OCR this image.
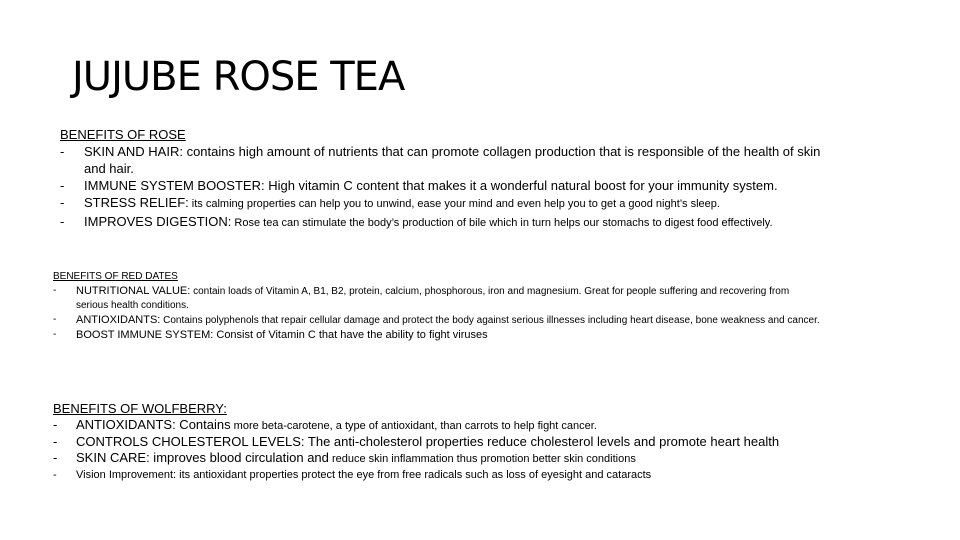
JUJUBE ROSE TEA
BENEFITS OF ROSE
- SKIN AND HAIR: contains high amount of nutrients that can promote collagen production that is responsible of the health of skin and hair.
- IMMUNE SYSTEM BOOSTER: High vitamin C content that makes it a wonderful natural boost for your immunity system.
- STRESS RELIEF: its calming properties can help you to unwind, ease your mind and even help you to get a good night’s sleep.
- IMPROVES DIGESTION: Rose tea can stimulate the body’s production of bile which in turn helps our stomachs to digest food effectively.
BENEFITS OF RED DATES
- NUTRITIONAL VALUE: contain loads of Vitamin A, B1, B2, protein, calcium, phosphorous, iron and magnesium. Great for people suffering and recovering from serious health conditions.
- ANTIOXIDANTS: Contains polyphenols that repair cellular damage and protect the body against serious illnesses including heart disease, bone weakness and cancer.
- BOOST IMMUNE SYSTEM: Consist of Vitamin C that have the ability to fight viruses
BENEFITS OF WOLFBERRY:
- ANTIOXIDANTS: Contains more beta-carotene, a type of antioxidant, than carrots to help fight cancer.
- CONTROLS CHOLESTEROL LEVELS: The anti-cholesterol properties reduce cholesterol levels and promote heart health
- SKIN CARE: improves blood circulation and reduce skin inflammation thus promotion better skin conditions
- Vision Improvement: its antioxidant properties protect the eye from free radicals such as loss of eyesight and cataracts
